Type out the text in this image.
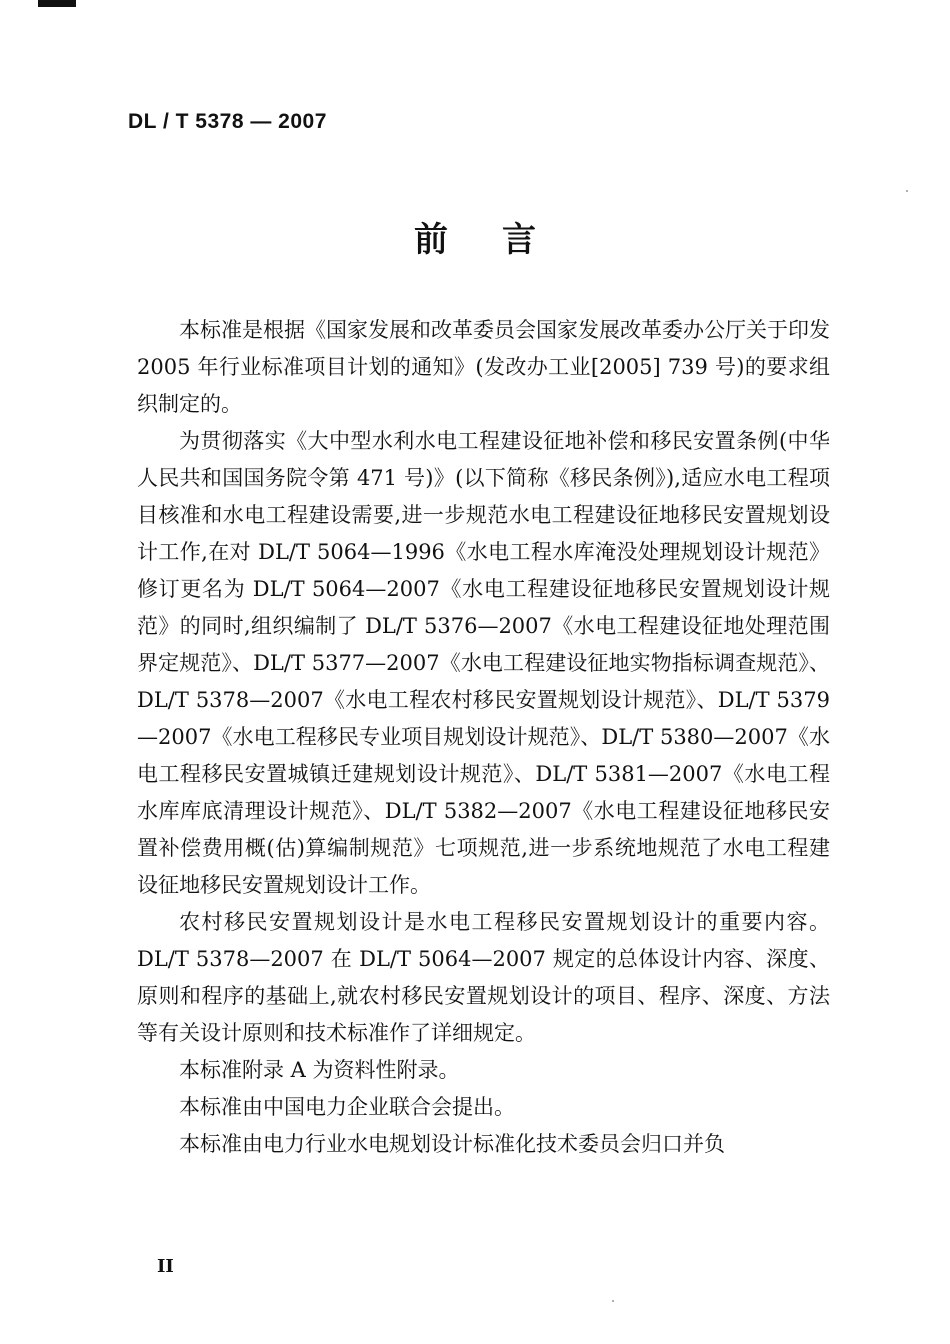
DL / T 5378 — 2007
前 言

本标准是根据《国家发展和改革委员会国家发展改革委办公厅关于印发 2005 年行业标准项目计划的通知》(发改办工业[2005] 739 号)的要求组织制定的。

为贯彻落实《大中型水利水电工程建设征地补偿和移民安置条例(中华人民共和国国务院令第 471 号)》(以下简称《移民条例》),适应水电工程项目核准和水电工程建设需要,进一步规范水电工程建设征地移民安置规划设计工作,在对 DL/T 5064—1996《水电工程水库淹没处理规划设计规范》修订更名为 DL/T 5064—2007《水电工程建设征地移民安置规划设计规范》的同时,组织编制了 DL/T 5376—2007《水电工程建设征地处理范围界定规范》、DL/T 5377—2007《水电工程建设征地实物指标调查规范》、DL/T 5378—2007《水电工程农村移民安置规划设计规范》、DL/T 5379—2007《水电工程移民专业项目规划设计规范》、DL/T 5380—2007《水电工程移民安置城镇迁建规划设计规范》、DL/T 5381—2007《水电工程水库库底清理设计规范》、DL/T 5382—2007《水电工程建设征地移民安置补偿费用概(估)算编制规范》七项规范,进一步系统地规范了水电工程建设征地移民安置规划设计工作。

农村移民安置规划设计是水电工程移民安置规划设计的重要内容。DL/T 5378—2007 在 DL/T 5064—2007 规定的总体设计内容、深度、原则和程序的基础上,就农村移民安置规划设计的项目、程序、深度、方法等有关设计原则和技术标准作了详细规定。

本标准附录 A 为资料性附录。

本标准由中国电力企业联合会提出。

本标准由电力行业水电规划设计标准化技术委员会归口并负

II
